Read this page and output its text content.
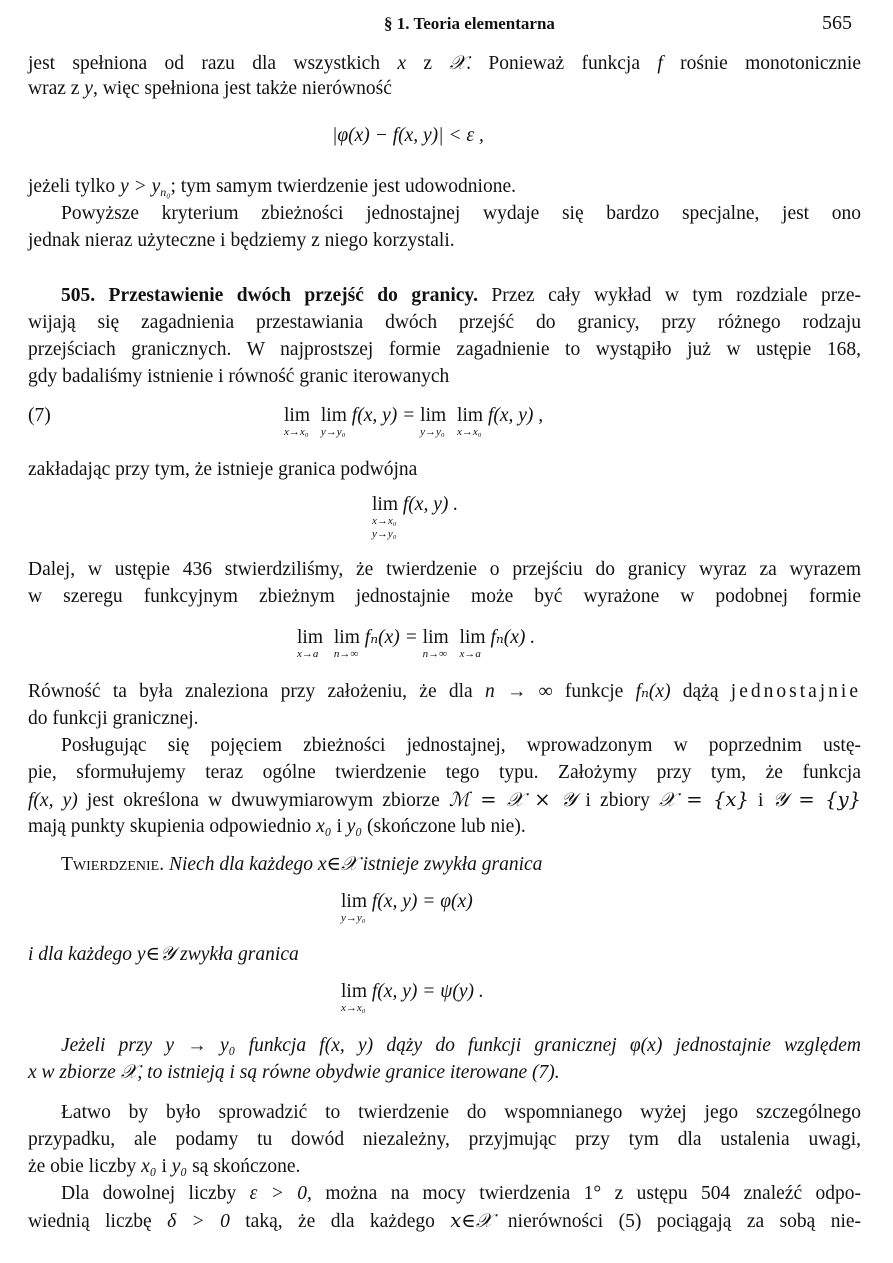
§ 1. Teoria elementarna	565
jest spełniona od razu dla wszystkich x z 𝒳. Ponieważ funkcja f rośnie monotonicznie
wraz z y, więc spełniona jest także nierówność
|φ(x) − f(x, y)| < ε ,
jeżeli tylko $y > y_{n_0}$; tym samym twierdzenie jest udowodnione.
Powyższe kryterium zbieżności jednostajnej wydaje się bardzo specjalne, jest ono
jednak nieraz użyteczne i będziemy z niego korzystali.
505. Przestawienie dwóch przejść do granicy. Przez cały wykład w tym rozdziale prze-
wijają się zagadnienia przestawiania dwóch przejść do granicy, przy różnego rodzaju
przejściach granicznych. W najprostszej formie zagadnienie to wystąpiło już w ustępie 168,
gdy badaliśmy istnienie i równość granic iterowanych
(7)	lim
x→x₀
lim
y→y₀
f(x, y) = lim
y→y₀
lim
x→x₀
f(x, y) ,
zakładając przy tym, że istnieje granica podwójna
lim
x→x₀
y→y₀
f(x, y) .
Dalej, w ustępie 436 stwierdziliśmy, że twierdzenie o przejściu do granicy wyraz za wyrazem
w szeregu funkcyjnym zbieżnym jednostajnie może być wyrażone w podobnej formie
lim
x→a
lim
n→∞
fₙ(x) = lim
n→∞
lim
x→a
fₙ(x) .
Równość ta była znaleziona przy założeniu, że dla n → ∞ funkcje fₙ(x) dążą jednostajnie
do funkcji granicznej.
Posługując się pojęciem zbieżności jednostajnej, wprowadzonym w poprzednim ustę-
pie, sformułujemy teraz ogólne twierdzenie tego typu. Założymy przy tym, że funkcja
f(x, y) jest określona w dwuwymiarowym zbiorze ℳ = 𝒳 × 𝒴 i zbiory 𝒳 = {x} i 𝒴 = {y}
mają punkty skupienia odpowiednio x₀ i y₀ (skończone lub nie).
Twierdzenie. Niech dla każdego x∈𝒳 istnieje zwykła granica
lim
y→y₀
f(x, y) = φ(x)
i dla każdego y∈𝒴 zwykła granica
lim
x→x₀
f(x, y) = ψ(y) .
Jeżeli przy y → y₀ funkcja f(x, y) dąży do funkcji granicznej φ(x) jednostajnie względem
x w zbiorze 𝒳, to istnieją i są równe obydwie granice iterowane (7).
Łatwo by było sprowadzić to twierdzenie do wspomnianego wyżej jego szczególnego
przypadku, ale podamy tu dowód niezależny, przyjmując przy tym dla ustalenia uwagi,
że obie liczby x₀ i y₀ są skończone.
Dla dowolnej liczby ε > 0, można na mocy twierdzenia 1° z ustępu 504 znaleźć odpo-
wiednią liczbę δ > 0 taką, że dla każdego x∈𝒳 nierówności (5) pociągają za sobą nie-
